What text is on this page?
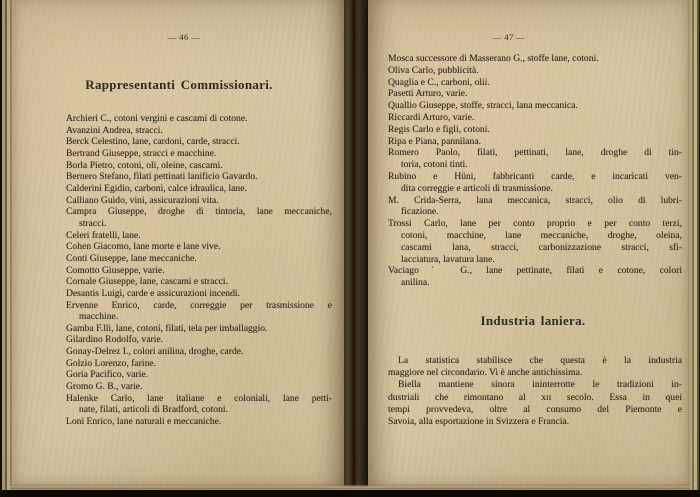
— 46 —
Rappresentanti Commissionari.
Archieri C., cotoni vergini e cascami di cotone.
Avanzini Andrea, stracci.
Berck Celestino, lane, cardoni, carde, stracci.
Bertrand Giuseppe, stracci e macchine.
Borla Pietro, cotoni, oli, oleine, cascami.
Bernero Stefano, filati pettinati lanificio Gavardo.
Calderini Egidio, carboni, calce idraulica, lane.
Calliano Guido, vini, assicurazioni vita.
Campra Giuseppe, droghe di tintoria, lane meccaniche,
stracci.
Celeri fratelli, lane.
Cohen Giacomo, lane morte e lane vive.
Conti Giuseppe, lane meccaniche.
Comotto Giuseppe, varie.
Cornale Giuseppe, lane, cascami e stracci.
Desantis Luigi, carde e assicurazioni incendi.
Ervenne Enrico, carde, correggie per trasmissione e
macchine.
Gamba F.lli, lane, cotoni, filati, tela per imballaggio.
Gilardino Rodolfo, varie.
Gonay-Delrez I., colori anilina, droghe, carde.
Golzio Lorenzo, farine.
Goria Pacifico, varie.
Gromo G. B., varie.
Halenke Carlo, lane italiane e coloniali, lane petti-
nate, filati, articoli di Bradford, cotoni.
Loni Enrico, lane naturali e meccaniche.
— 47 —
Mosca successore di Masserano G., stoffe lane, cotoni.
Oliva Carlo, pubblicità.
Quaglia e C., carboni, olii.
Pasetti Arturo, varie.
Quallio Giuseppe, stoffe, stracci, lana meccanica.
Riccardi Arturo, varie.
Regis Carlo e figli, cotoni.
Ripa e Piana, pannilana.
Romero Paolo, filati, pettinati, lane, droghe di tin-
toria, cotoni tinti.
Rubino e Hüni, fabbricanti carde, e incaricati ven-
dita correggie e articoli di trasmissione.
M. Crida-Serra, lana meccanica, stracci, olio di lubri-
ficazione.
Trossi Carlo, lane per conto proprio e per conto terzi,
cotoni, macchine, lane meccaniche, droghe, oleina,
cascami lana, stracci, carbonizzazione stracci, sfi-
lacciatura, lavatura lane.
Vaciago˙ G., lane pettinate, filati e cotone, colori
anilina.
Industria laniera.
La statistica stabilisce che questa è la industria
maggiore nel circondario. Vi è anche antichissima.
Biella mantiene sinora ininterrotte le tradizioni in-
dustriali che rimontano al xɪɪ secolo. Essa in quei
tempi provvedeva, oltre al consumo del Piemonte e
Savoia, alla esportazione in Svizzera e Francia.
